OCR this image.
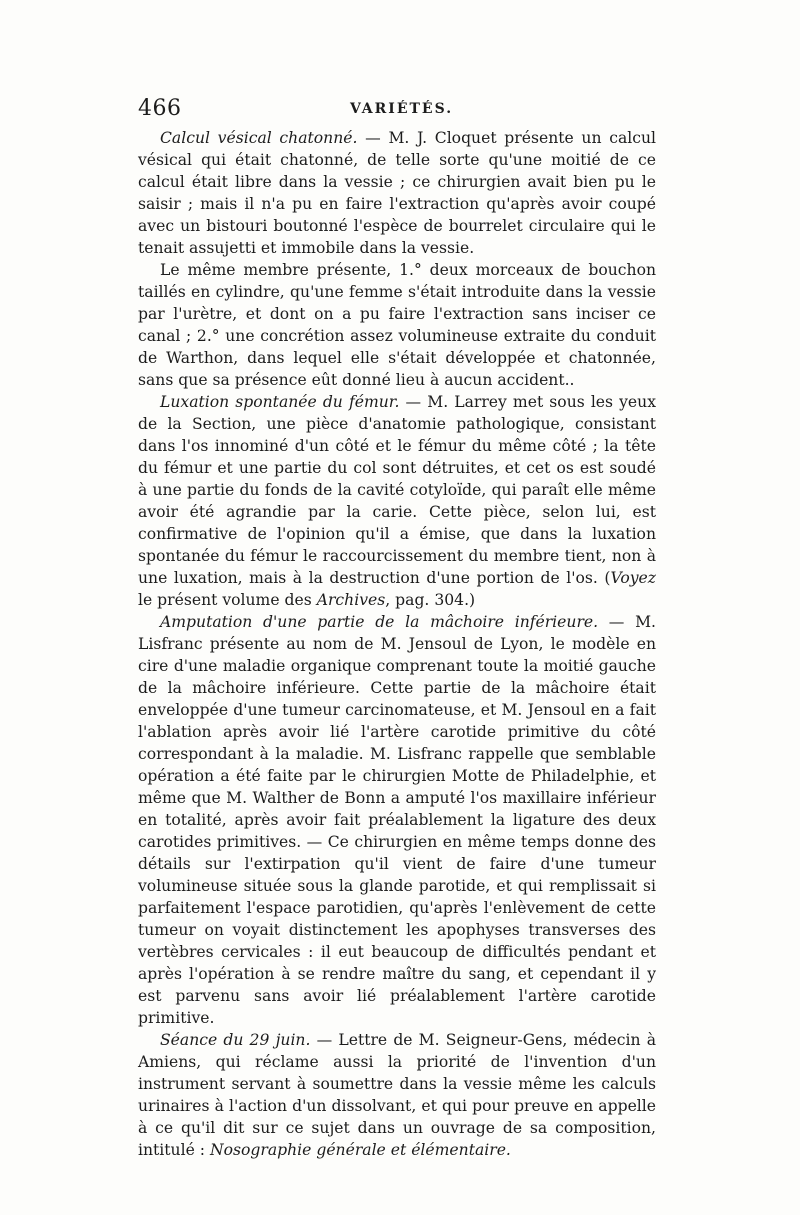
466	VARIÉTÉS.

Calcul vésical chatonné. — M. J. Cloquet présente un calcul vésical qui était chatonné, de telle sorte qu'une moitié de ce calcul était libre dans la vessie ; ce chirurgien avait bien pu le saisir ; mais il n'a pu en faire l'extraction qu'après avoir coupé avec un bistouri boutonné l'espèce de bourrelet circulaire qui le tenait assujetti et immobile dans la vessie.

Le même membre présente, 1.° deux morceaux de bouchon taillés en cylindre, qu'une femme s'était introduite dans la vessie par l'urètre, et dont on a pu faire l'extraction sans inciser ce canal ; 2.° une concrétion assez volumineuse extraite du conduit de Warthon, dans lequel elle s'était développée et chatonnée, sans que sa présence eût donné lieu à aucun accident..

Luxation spontanée du fémur. — M. Larrey met sous les yeux de la Section, une pièce d'anatomie pathologique, consistant dans l'os innominé d'un côté et le fémur du même côté ; la tête du fémur et une partie du col sont détruites, et cet os est soudé à une partie du fonds de la cavité cotyloïde, qui paraît elle même avoir été agrandie par la carie. Cette pièce, selon lui, est confirmative de l'opinion qu'il a émise, que dans la luxation spontanée du fémur le raccourcissement du membre tient, non à une luxation, mais à la destruction d'une portion de l'os. (Voyez le présent volume des Archives, pag. 304.)

Amputation d'une partie de la mâchoire inférieure. — M. Lisfranc présente au nom de M. Jensoul de Lyon, le modèle en cire d'une maladie organique comprenant toute la moitié gauche de la mâchoire inférieure. Cette partie de la mâchoire était enveloppée d'une tumeur carcinomateuse, et M. Jensoul en a fait l'ablation après avoir lié l'artère carotide primitive du côté correspondant à la maladie. M. Lisfranc rappelle que semblable opération a été faite par le chirurgien Motte de Philadelphie, et même que M. Walther de Bonn a amputé l'os maxillaire inférieur en totalité, après avoir fait préalablement la ligature des deux carotides primitives. — Ce chirurgien en même temps donne des détails sur l'extirpation qu'il vient de faire d'une tumeur volumineuse située sous la glande parotide, et qui remplissait si parfaitement l'espace parotidien, qu'après l'enlèvement de cette tumeur on voyait distinctement les apophyses transverses des vertèbres cervicales : il eut beaucoup de difficultés pendant et après l'opération à se rendre maître du sang, et cependant il y est parvenu sans avoir lié préalablement l'artère carotide primitive.

Séance du 29 juin. — Lettre de M. Seigneur-Gens, médecin à Amiens, qui réclame aussi la priorité de l'invention d'un instrument servant à soumettre dans la vessie même les calculs urinaires à l'action d'un dissolvant, et qui pour preuve en appelle à ce qu'il dit sur ce sujet dans un ouvrage de sa composition, intitulé : Nosographie générale et élémentaire.
